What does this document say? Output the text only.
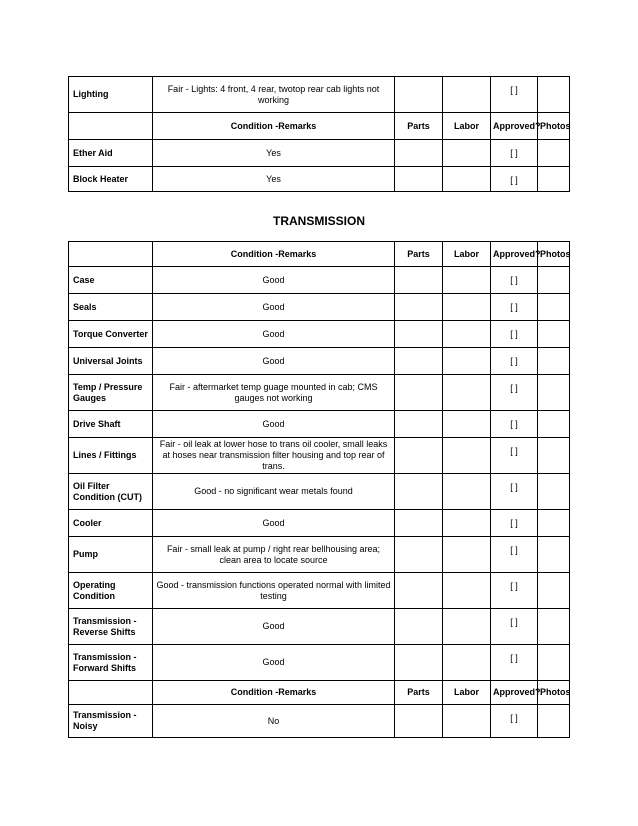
Lighting	Fair - Lights: 4 front, 4 rear, twotop rear cab lights not working			[ ]	
	Condition -Remarks	Parts	Labor	Approved?	Photos
Ether Aid	Yes			[ ]	
Block Heater	Yes			[ ]	
TRANSMISSION
	Condition -Remarks	Parts	Labor	Approved?	Photos
Case	Good			[ ]	
Seals	Good			[ ]	
Torque Converter	Good			[ ]	
Universal Joints	Good			[ ]	
Temp / Pressure Gauges	Fair - aftermarket temp guage mounted in cab; CMS gauges not working			[ ]	
Drive Shaft	Good			[ ]	
Lines / Fittings	Fair - oil leak at lower hose to trans oil cooler, small leaks at hoses near transmission filter housing and top rear of trans.			[ ]	
Oil Filter Condition (CUT)	Good - no significant wear metals found			[ ]	
Cooler	Good			[ ]	
Pump	Fair - small leak at pump / right rear bellhousing area; clean area to locate source			[ ]	
Operating Condition	Good - transmission functions operated normal with limited testing			[ ]	
Transmission - Reverse Shifts	Good			[ ]	
Transmission - Forward Shifts	Good			[ ]	
	Condition -Remarks	Parts	Labor	Approved?	Photos
Transmission - Noisy	No			[ ]	
